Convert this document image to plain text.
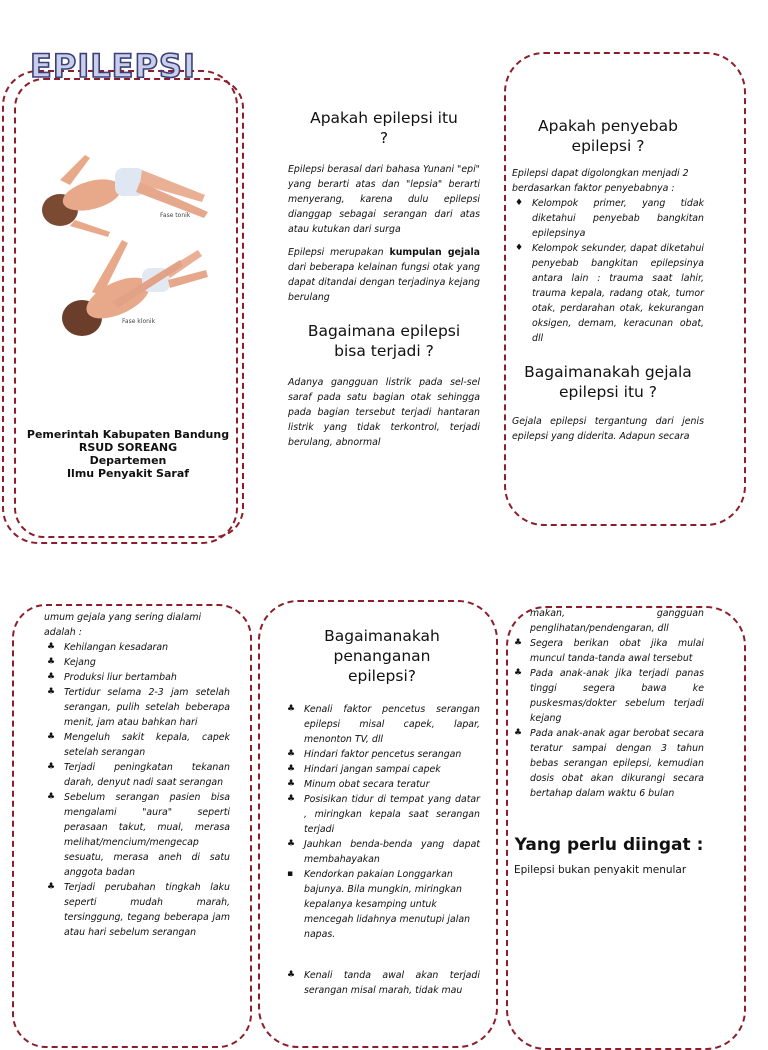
EPILEPSI
Fase tonik
Fase klonik
Pemerintah Kabupaten Bandung
RSUD SOREANG
Departemen
Ilmu Penyakit Saraf
Apakah epilepsi itu ?

Epilepsi berasal dari bahasa Yunani "epi" yang berarti atas dan "lepsia" berarti menyerang, karena dulu epilepsi dianggap sebagai serangan dari atas atau kutukan dari surga

Epilepsi merupakan kumpulan gejala dari beberapa kelainan fungsi otak yang dapat ditandai dengan terjadinya kejang berulang

Bagaimana epilepsi bisa terjadi ?
Adanya gangguan listrik pada sel-sel saraf pada satu bagian otak sehingga pada bagian tersebut terjadi hantaran listrik yang tidak terkontrol, terjadi berulang, abnormal
Apakah penyebab epilepsi ?
Epilepsi dapat digolongkan menjadi 2 berdasarkan faktor penyebabnya :
♦ Kelompok primer, yang tidak diketahui penyebab bangkitan epilepsinya
♦ Kelompok sekunder, dapat diketahui penyebab bangkitan epilepsinya antara lain : trauma saat lahir, trauma kepala, radang otak, tumor otak, perdarahan otak, kekurangan oksigen, demam, keracunan obat, dll
Bagaimanakah gejala epilepsi itu ?
Gejala epilepsi tergantung dari jenis epilepsi yang diderita. Adapun secara
umum gejala yang sering dialami adalah :
♣ Kehilangan kesadaran
♣ Kejang
♣ Produksi liur bertambah
♣ Tertidur selama 2-3 jam setelah serangan, pulih setelah beberapa menit, jam atau bahkan hari
♣ Mengeluh sakit kepala, capek setelah serangan
♣ Terjadi peningkatan tekanan darah, denyut nadi saat serangan
♣ Sebelum serangan pasien bisa mengalami "aura" seperti perasaan takut, mual, merasa melihat/mencium/mengecap sesuatu, merasa aneh di satu anggota badan
♣ Terjadi perubahan tingkah laku seperti mudah marah, tersinggung, tegang beberapa jam atau hari sebelum serangan
Bagaimanakah penanganan epilepsi?
♣ Kenali faktor pencetus serangan epilepsi misal capek, lapar, menonton TV, dll
♣ Hindari faktor pencetus serangan
♣ Hindari jangan sampai capek
♣ Minum obat secara teratur
♣ Posisikan tidur di tempat yang datar , miringkan kepala saat serangan terjadi
♣ Jauhkan benda-benda yang dapat membahayakan
▪ Kendorkan pakaian Longgarkan bajunya. Bila mungkin, miringkan kepalanya kesamping untuk mencegah lidahnya menutupi jalan napas.
♣ Kenali tanda awal akan terjadi serangan misal marah, tidak mau
makan, gangguan penglihatan/pendengaran, dll
♣ Segera berikan obat jika mulai muncul tanda-tanda awal tersebut
♣ Pada anak-anak jika terjadi panas tinggi segera bawa ke puskesmas/dokter sebelum terjadi kejang
♣ Pada anak-anak agar berobat secara teratur sampai dengan 3 tahun bebas serangan epilepsi, kemudian dosis obat akan dikurangi secara bertahap dalam waktu 6 bulan
Yang perlu diingat :
Epilepsi bukan penyakit menular
